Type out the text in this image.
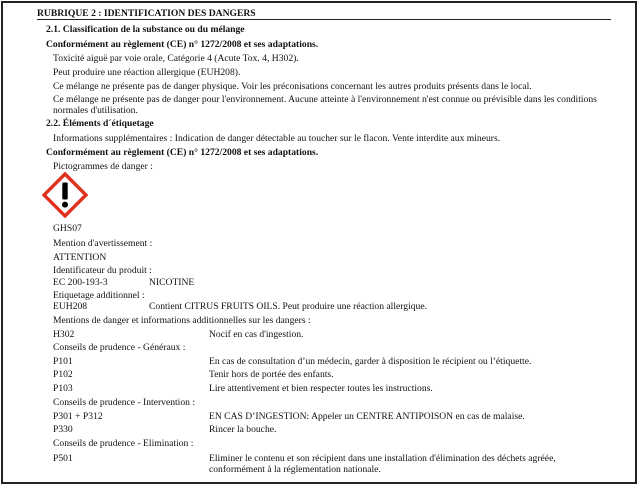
RUBRIQUE 2 : IDENTIFICATION DES DANGERS
2.1. Classification de la substance ou du mélange
Conformément au règlement (CE) n° 1272/2008 et ses adaptations.
Toxicité aiguë par voie orale, Catégorie 4 (Acute Tox. 4, H302).
Peut produire une réaction allergique (EUH208).
Ce mélange ne présente pas de danger physique. Voir les préconisations concernant les autres produits présents dans le local.
Ce mélange ne présente pas de danger pour l'environnement. Aucune atteinte à l'environnement n'est connue ou prévisible dans les conditions normales d'utilisation.
2.2. Éléments d´étiquetage
Informations supplémentaires : Indication de danger détectable au toucher sur le flacon. Vente interdite aux mineurs.
Conformément au règlement (CE) n° 1272/2008 et ses adaptations.
Pictogrammes de danger :
GHS07
Mention d'avertissement :
ATTENTION
Identificateur du produit :
EC 200-193-3	NICOTINE
Etiquetage additionnel :
EUH208	Contient CITRUS FRUITS OILS. Peut produire une réaction allergique.
Mentions de danger et informations additionnelles sur les dangers :
H302	Nocif en cas d'ingestion.
Conseils de prudence - Généraux :
P101	En cas de consultation d’un médecin, garder à disposition le récipient ou l’étiquette.
P102	Tenir hors de portée des enfants.
P103	Lire attentivement et bien respecter toutes les instructions.
Conseils de prudence - Intervention :
P301 + P312	EN CAS D’INGESTION: Appeler un CENTRE ANTIPOISON en cas de malaise.
P330	Rincer la bouche.
Conseils de prudence - Elimination :
P501	Eliminer le contenu et son récipient dans une installation d'élimination des déchets agréée, conformément à la réglementation nationale.
